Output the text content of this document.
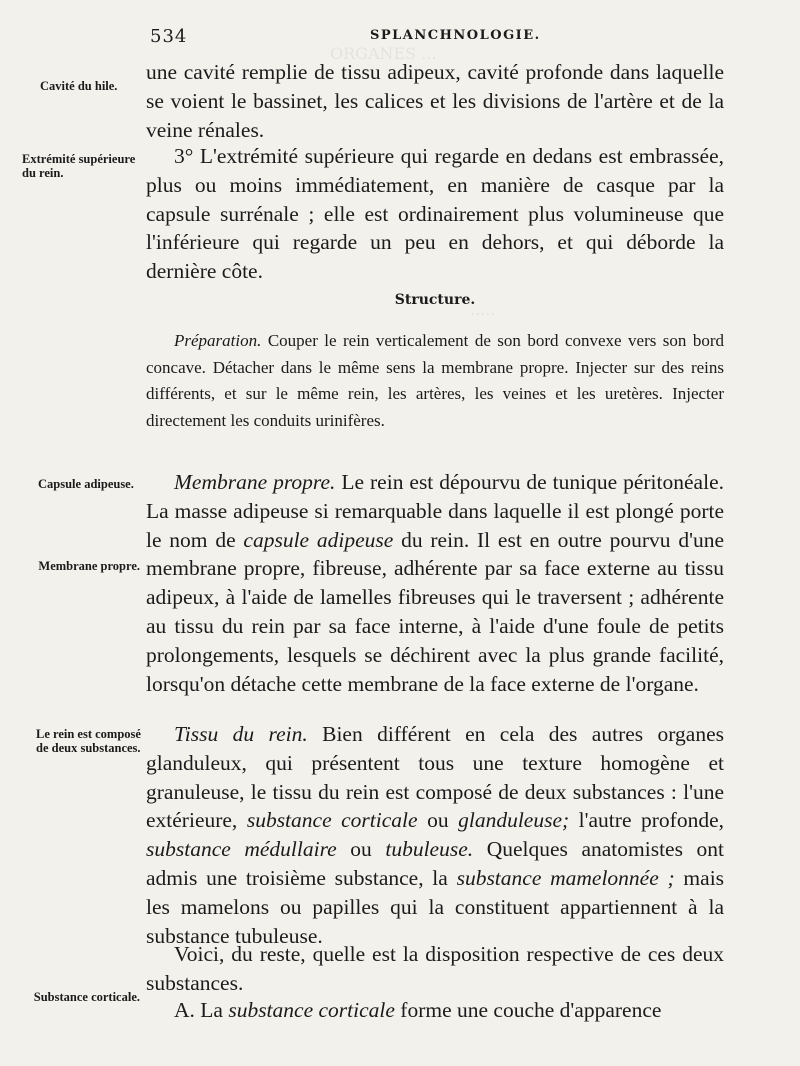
ORGANES ...
.....
534	SPLANCHNOLOGIE.
Cavité du hile.
Extrémité supérieure du rein.
Capsule adipeuse.
Membrane propre.
Le rein est composé de deux substances.
Substance corticale.
une cavité remplie de tissu adipeux, cavité profonde dans laquelle se voient le bassinet, les calices et les divisions de l'artère et de la veine rénales.
3° L'extrémité supérieure qui regarde en dedans est embrassée, plus ou moins immédiatement, en manière de casque par la capsule surrénale ; elle est ordinairement plus volumineuse que l'inférieure qui regarde un peu en dehors, et qui déborde la dernière côte.
Structure.
Préparation. Couper le rein verticalement de son bord convexe vers son bord concave. Détacher dans le même sens la membrane propre. Injecter sur des reins différents, et sur le même rein, les artères, les veines et les uretères. Injecter directement les conduits urinifères.
Membrane propre. Le rein est dépourvu de tunique péritonéale. La masse adipeuse si remarquable dans laquelle il est plongé porte le nom de capsule adipeuse du rein. Il est en outre pourvu d'une membrane propre, fibreuse, adhérente par sa face externe au tissu adipeux, à l'aide de lamelles fibreuses qui le traversent ; adhérente au tissu du rein par sa face interne, à l'aide d'une foule de petits prolongements, lesquels se déchirent avec la plus grande facilité, lorsqu'on détache cette membrane de la face externe de l'organe.
Tissu du rein. Bien différent en cela des autres organes glanduleux, qui présentent tous une texture homogène et granuleuse, le tissu du rein est composé de deux substances : l'une extérieure, substance corticale ou glanduleuse; l'autre profonde, substance médullaire ou tubuleuse. Quelques anatomistes ont admis une troisième substance, la substance mamelonnée ; mais les mamelons ou papilles qui la constituent appartiennent à la substance tubuleuse.
Voici, du reste, quelle est la disposition respective de ces deux substances.
A. La substance corticale forme une couche d'apparence
